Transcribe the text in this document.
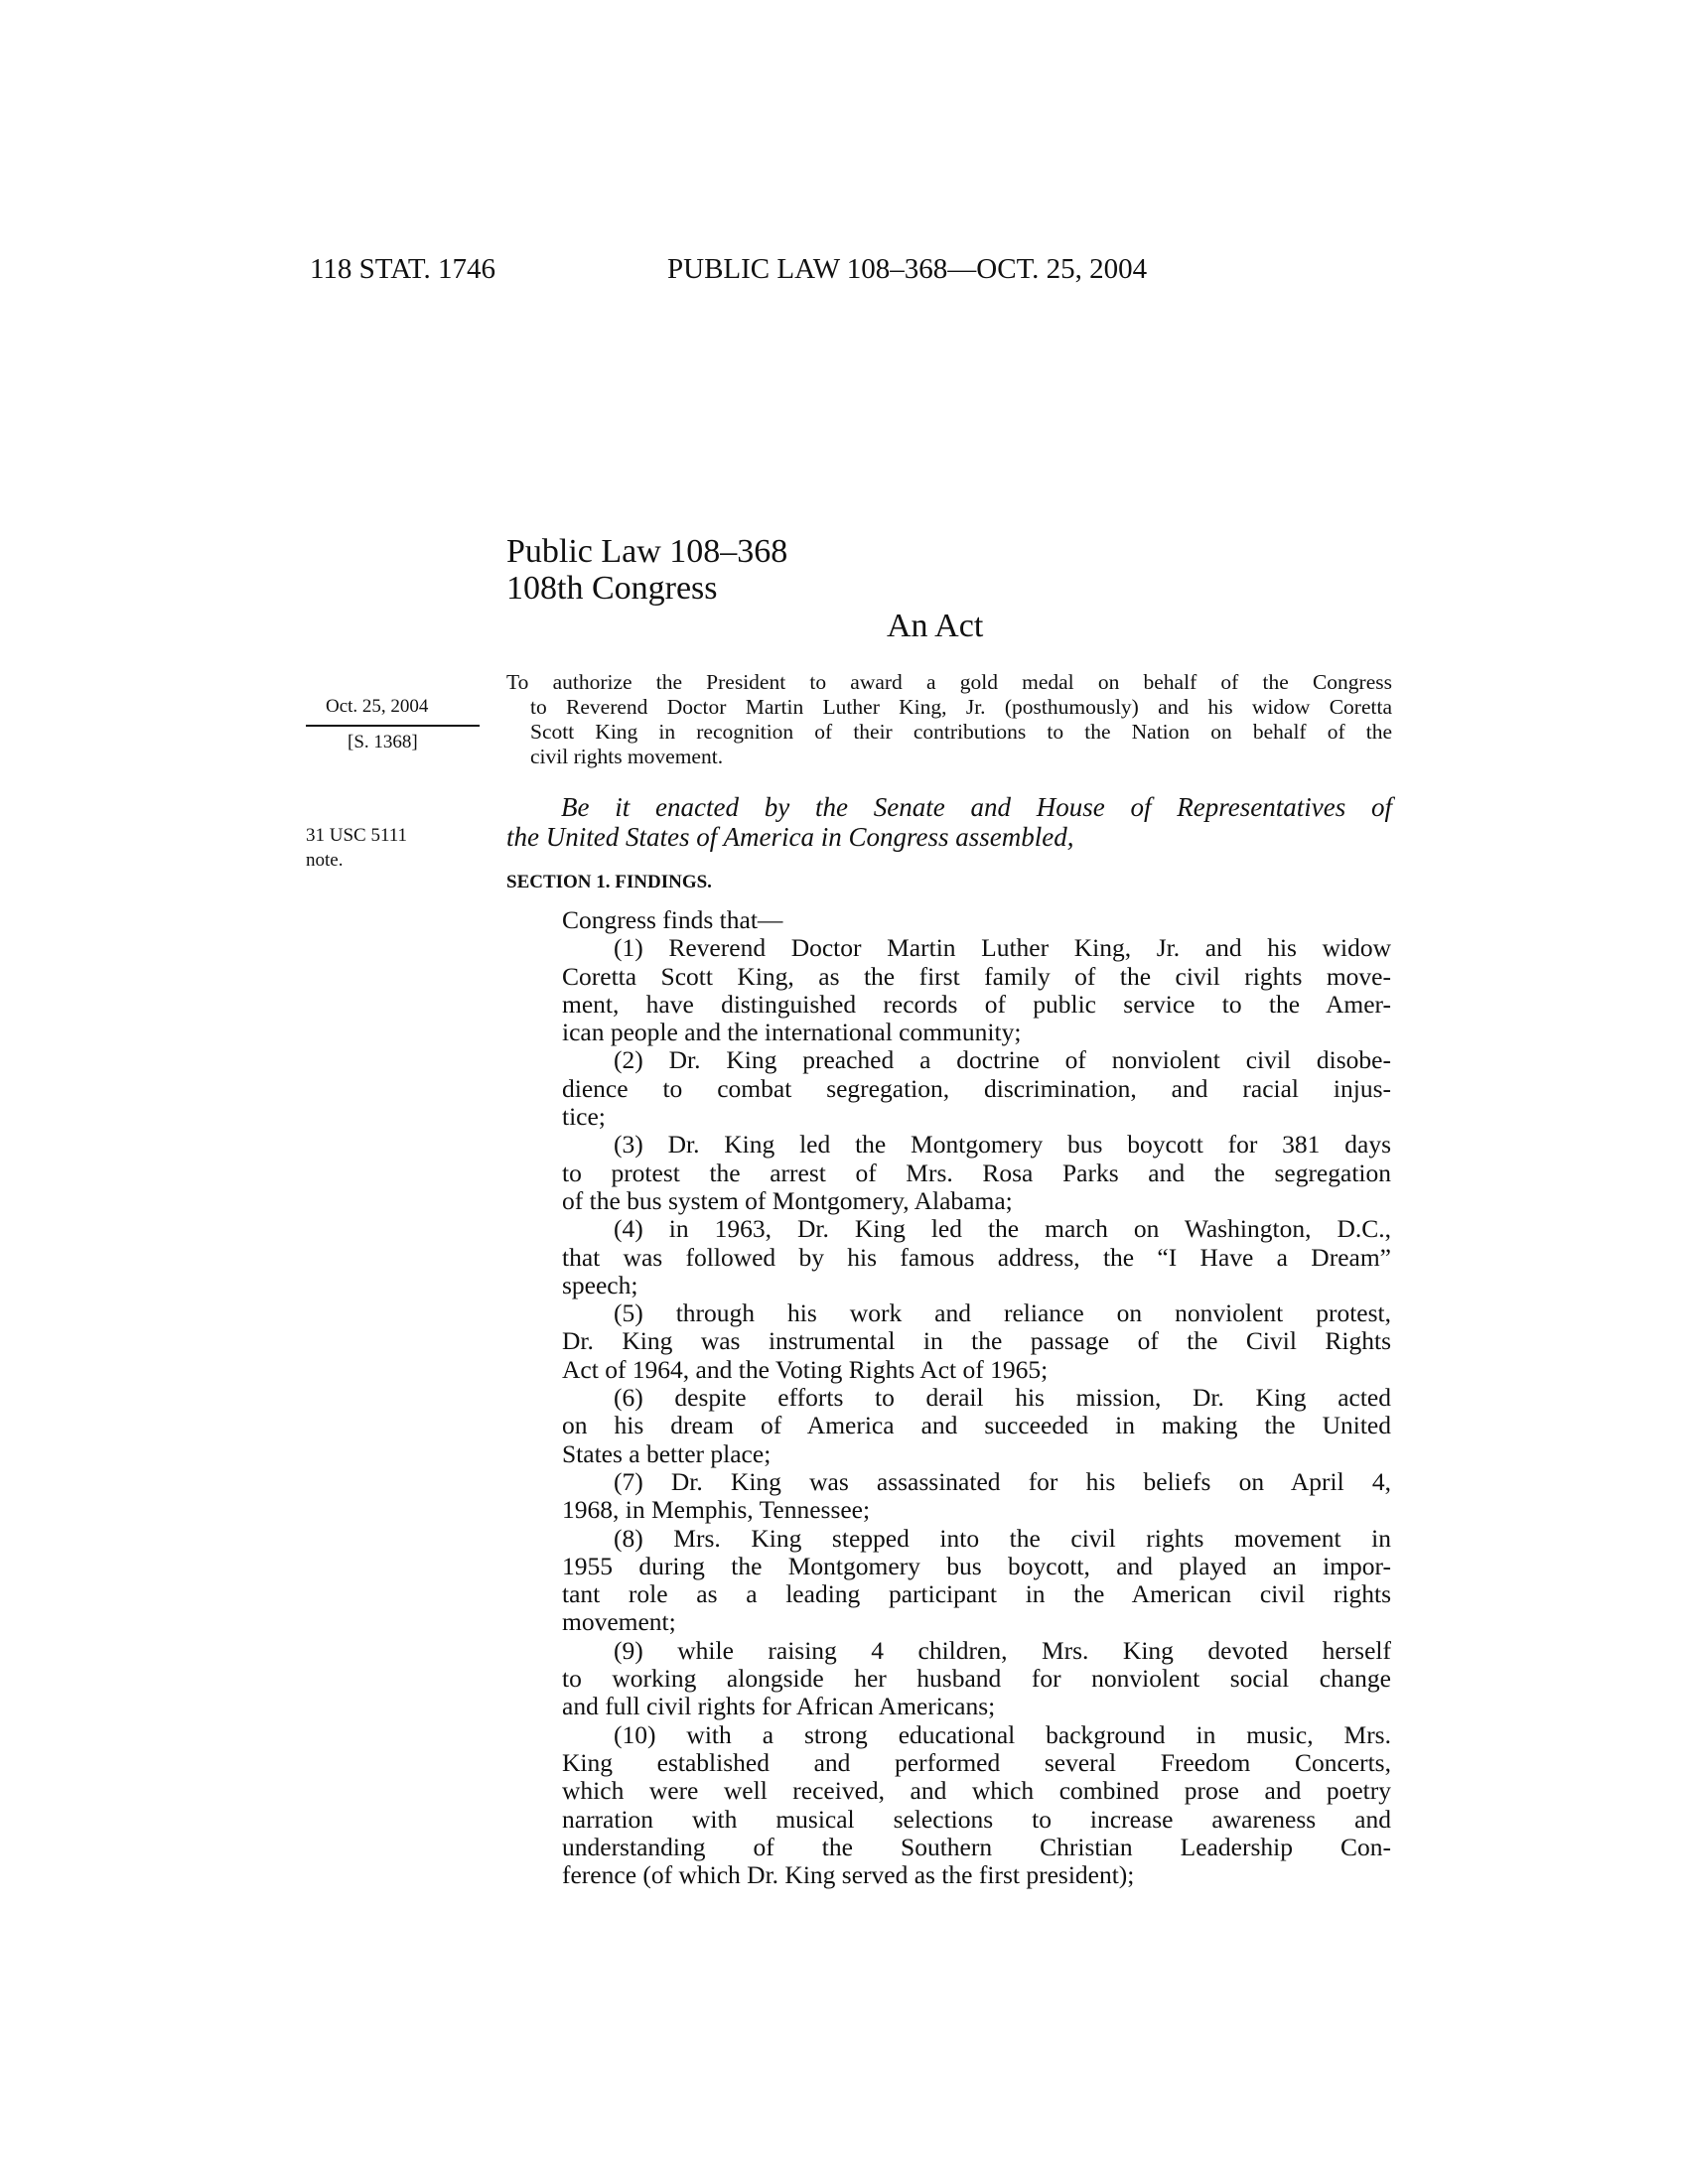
118 STAT. 1746	PUBLIC LAW 108–368—OCT. 25, 2004
Public Law 108–368
108th Congress
An Act
Oct. 25, 2004
[S. 1368]
31 USC 5111
note.
To authorize the President to award a gold medal on behalf of the Congress
to Reverend Doctor Martin Luther King, Jr. (posthumously) and his widow Coretta
Scott King in recognition of their contributions to the Nation on behalf of the
civil rights movement.
Be it enacted by the Senate and House of Representatives of
the United States of America in Congress assembled,
SECTION 1. FINDINGS.
Congress finds that—
(1) Reverend Doctor Martin Luther King, Jr. and his widow
Coretta Scott King, as the first family of the civil rights move-
ment, have distinguished records of public service to the Amer-
ican people and the international community;
(2) Dr. King preached a doctrine of nonviolent civil disobe-
dience to combat segregation, discrimination, and racial injus-
tice;
(3) Dr. King led the Montgomery bus boycott for 381 days
to protest the arrest of Mrs. Rosa Parks and the segregation
of the bus system of Montgomery, Alabama;
(4) in 1963, Dr. King led the march on Washington, D.C.,
that was followed by his famous address, the “I Have a Dream”
speech;
(5) through his work and reliance on nonviolent protest,
Dr. King was instrumental in the passage of the Civil Rights
Act of 1964, and the Voting Rights Act of 1965;
(6) despite efforts to derail his mission, Dr. King acted
on his dream of America and succeeded in making the United
States a better place;
(7) Dr. King was assassinated for his beliefs on April 4,
1968, in Memphis, Tennessee;
(8) Mrs. King stepped into the civil rights movement in
1955 during the Montgomery bus boycott, and played an impor-
tant role as a leading participant in the American civil rights
movement;
(9) while raising 4 children, Mrs. King devoted herself
to working alongside her husband for nonviolent social change
and full civil rights for African Americans;
(10) with a strong educational background in music, Mrs.
King established and performed several Freedom Concerts,
which were well received, and which combined prose and poetry
narration with musical selections to increase awareness and
understanding of the Southern Christian Leadership Con-
ference (of which Dr. King served as the first president);
